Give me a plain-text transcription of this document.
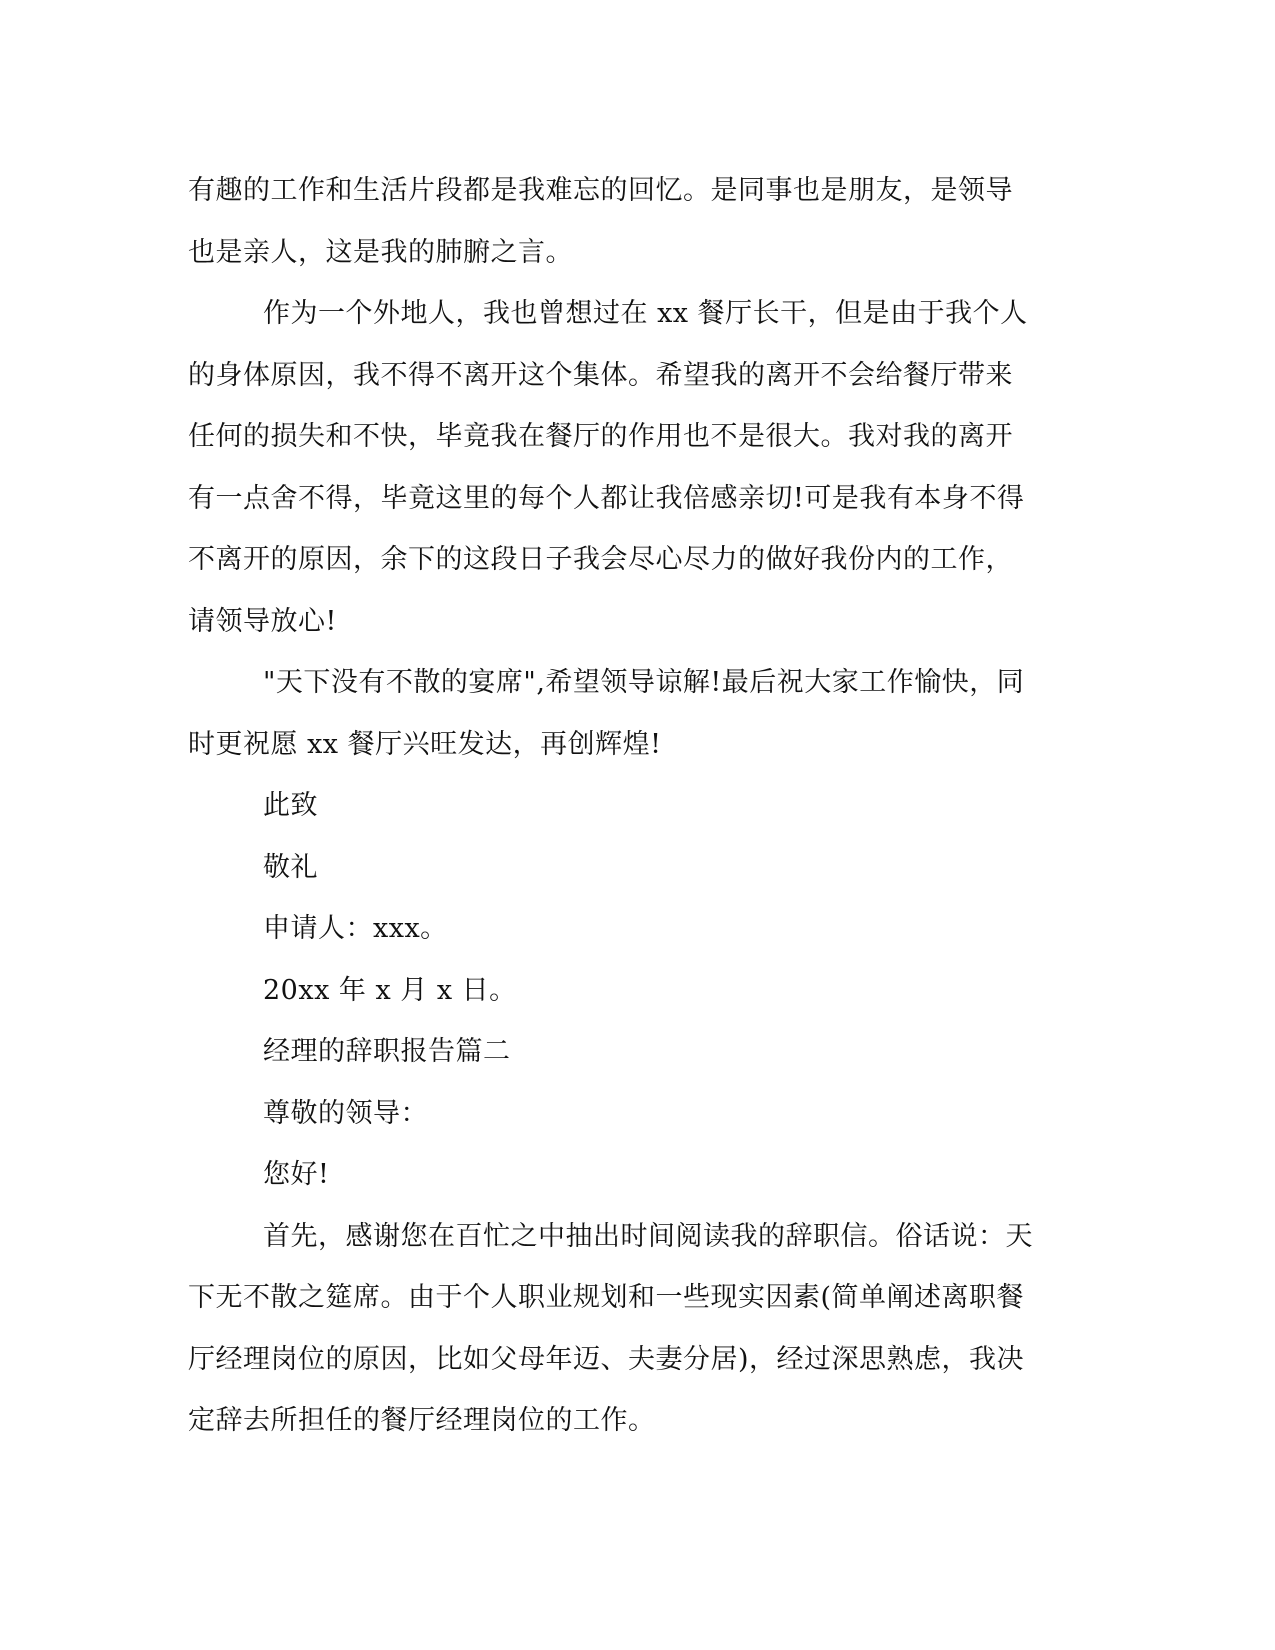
有趣的工作和生活片段都是我难忘的回忆。是同事也是朋友，是领导
也是亲人，这是我的肺腑之言。
作为一个外地人，我也曾想过在 xx 餐厅长干，但是由于我个人
的身体原因，我不得不离开这个集体。希望我的离开不会给餐厅带来
任何的损失和不快，毕竟我在餐厅的作用也不是很大。我对我的离开
有一点舍不得，毕竟这里的每个人都让我倍感亲切!可是我有本身不得
不离开的原因，余下的这段日子我会尽心尽力的做好我份内的工作，
请领导放心!
"天下没有不散的宴席",希望领导谅解!最后祝大家工作愉快，同
时更祝愿 xx 餐厅兴旺发达，再创辉煌!
此致
敬礼
申请人：xxx。
20xx 年 x 月 x 日。
经理的辞职报告篇二
尊敬的领导：
您好!
首先，感谢您在百忙之中抽出时间阅读我的辞职信。俗话说：天
下无不散之筵席。由于个人职业规划和一些现实因素(简单阐述离职餐
厅经理岗位的原因，比如父母年迈、夫妻分居)，经过深思熟虑，我决
定辞去所担任的餐厅经理岗位的工作。
